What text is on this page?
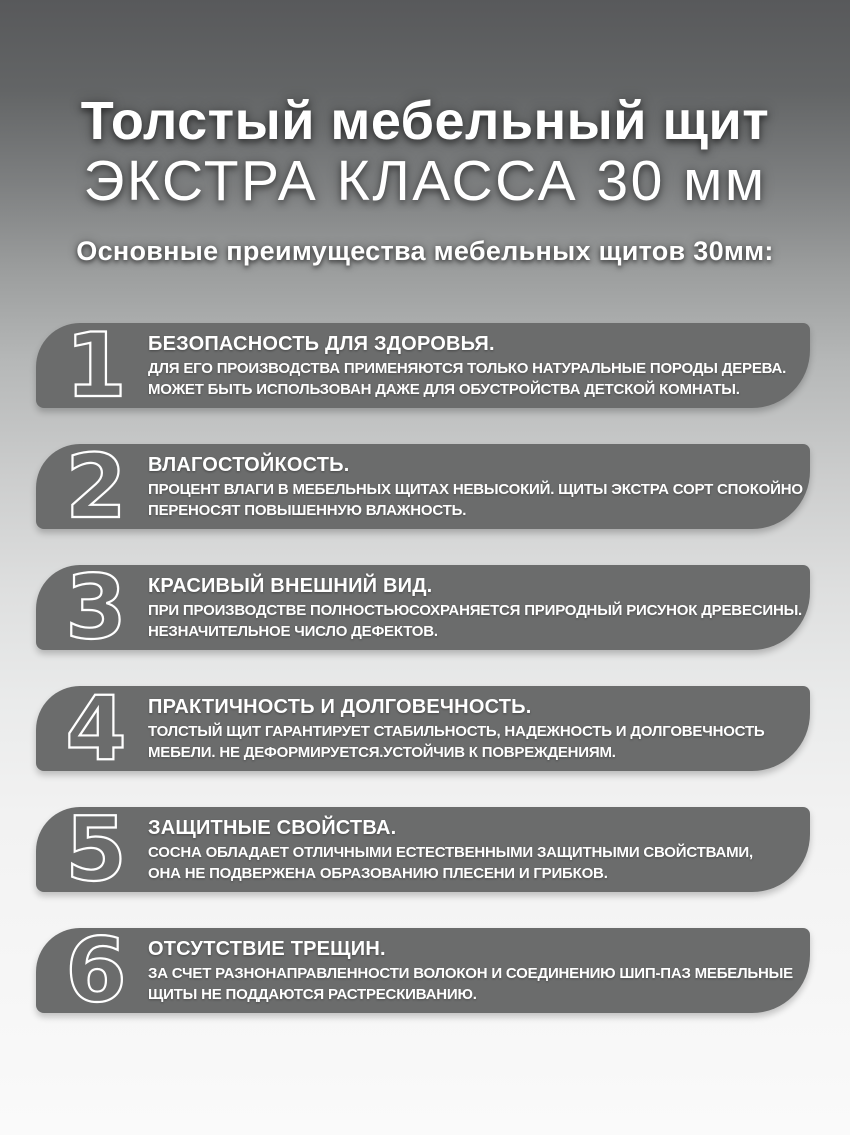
Толстый мебельный щит
ЭКСТРА КЛАССА 30 мм
Основные преимущества мебельных щитов 30мм:
1	БЕЗОПАСНОСТЬ ДЛЯ ЗДОРОВЬЯ.
ДЛЯ ЕГО ПРОИЗВОДСТВА ПРИМЕНЯЮТСЯ ТОЛЬКО НАТУРАЛЬНЫЕ ПОРОДЫ ДЕРЕВА.
МОЖЕТ БЫТЬ ИСПОЛЬЗОВАН ДАЖЕ ДЛЯ ОБУСТРОЙСТВА ДЕТСКОЙ КОМНАТЫ.
2	ВЛАГОСТОЙКОСТЬ.
ПРОЦЕНТ ВЛАГИ В МЕБЕЛЬНЫХ ЩИТАХ НЕВЫСОКИЙ. ЩИТЫ ЭКСТРА СОРТ СПОКОЙНО
ПЕРЕНОСЯТ ПОВЫШЕННУЮ ВЛАЖНОСТЬ.
3	КРАСИВЫЙ ВНЕШНИЙ ВИД.
ПРИ ПРОИЗВОДСТВЕ ПОЛНОСТЬЮСОХРАНЯЕТСЯ ПРИРОДНЫЙ РИСУНОК ДРЕВЕСИНЫ.
НЕЗНАЧИТЕЛЬНОЕ ЧИСЛО ДЕФЕКТОВ.
4	ПРАКТИЧНОСТЬ И ДОЛГОВЕЧНОСТЬ.
ТОЛСТЫЙ ЩИТ ГАРАНТИРУЕТ СТАБИЛЬНОСТЬ, НАДЕЖНОСТЬ И ДОЛГОВЕЧНОСТЬ
МЕБЕЛИ. НЕ ДЕФОРМИРУЕТСЯ.УСТОЙЧИВ К ПОВРЕЖДЕНИЯМ.
5	ЗАЩИТНЫЕ СВОЙСТВА.
СОСНА ОБЛАДАЕТ ОТЛИЧНЫМИ ЕСТЕСТВЕННЫМИ ЗАЩИТНЫМИ СВОЙСТВАМИ,
ОНА НЕ ПОДВЕРЖЕНА ОБРАЗОВАНИЮ ПЛЕСЕНИ И ГРИБКОВ.
6	ОТСУТСТВИЕ ТРЕЩИН.
ЗА СЧЕТ РАЗНОНАПРАВЛЕННОСТИ ВОЛОКОН И СОЕДИНЕНИЮ ШИП-ПАЗ МЕБЕЛЬНЫЕ
ЩИТЫ НЕ ПОДДАЮТСЯ РАСТРЕСКИВАНИЮ.
